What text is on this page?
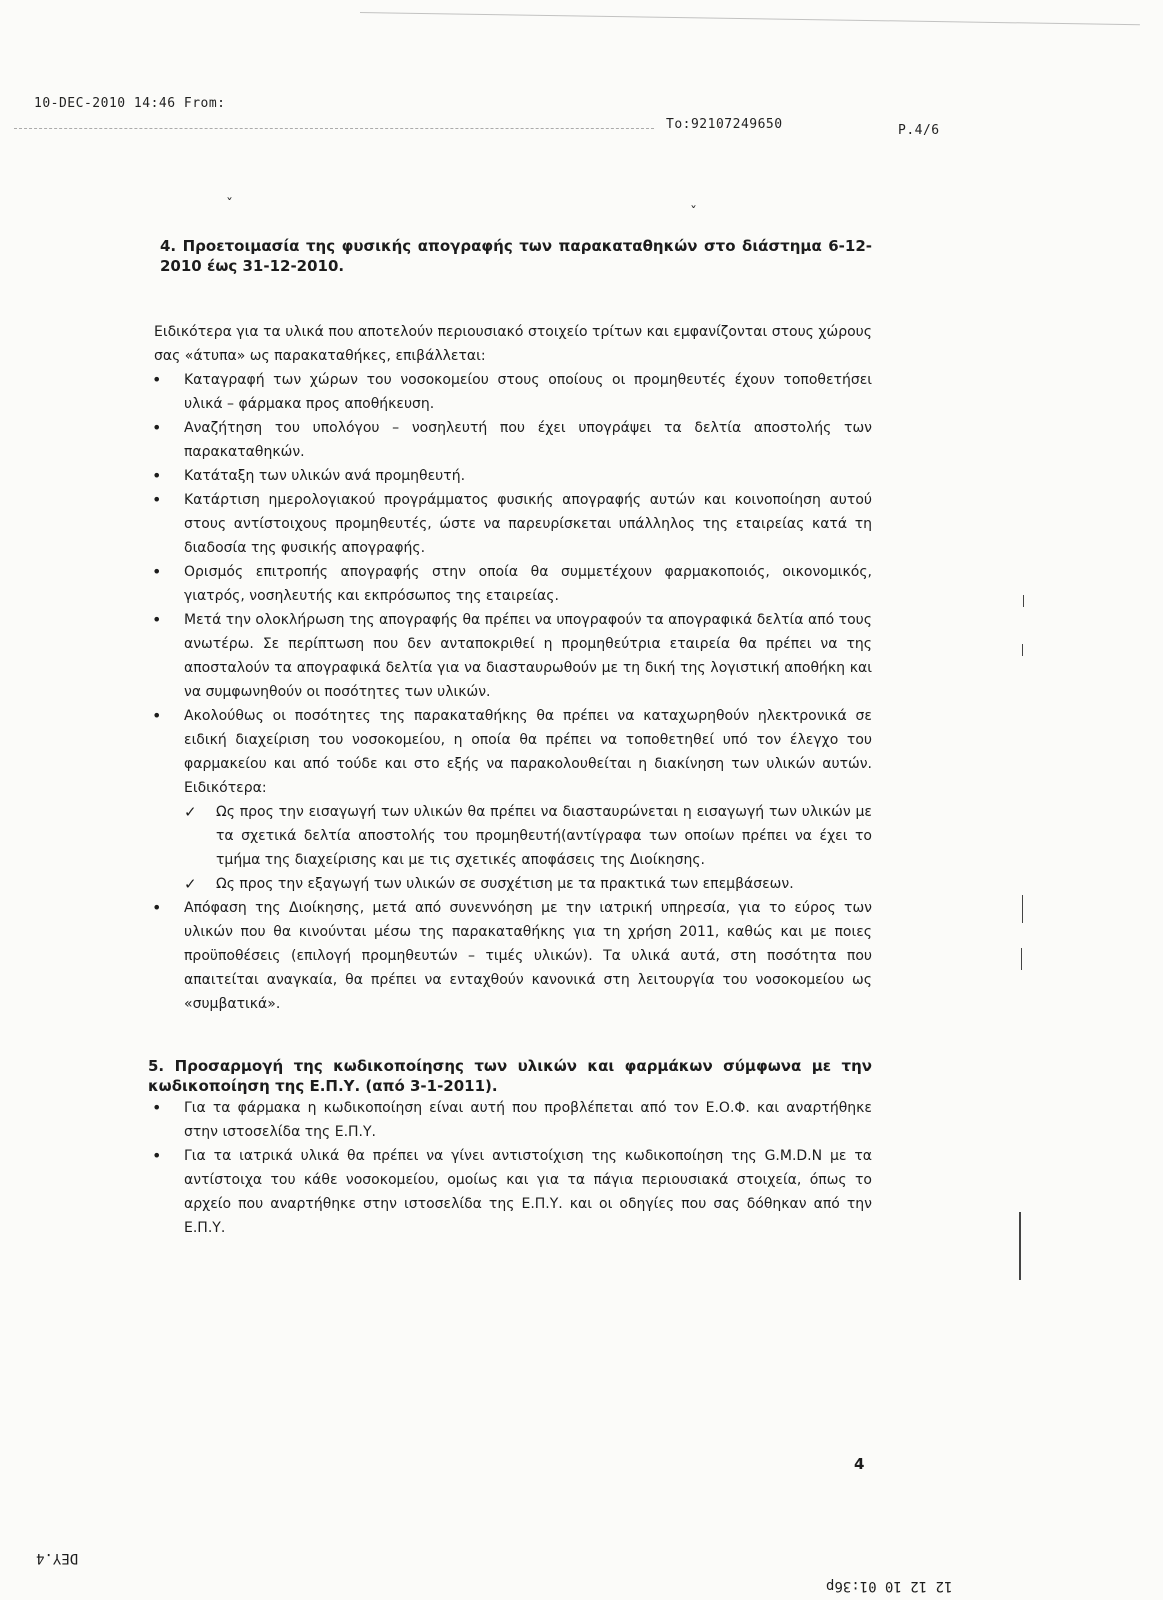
10-DEC-2010 14:46 From:
To:92107249650	P.4/6
ˇ	ˇ
4. Προετοιμασία της φυσικής απογραφής των παρακαταθηκών στο διάστημα 6-12-2010 έως 31-12-2010.

Ειδικότερα για τα υλικά που αποτελούν περιουσιακό στοιχείο τρίτων και εμφανίζονται στους χώρους σας «άτυπα» ως παρακαταθήκες, επιβάλλεται:

• Καταγραφή των χώρων του νοσοκομείου στους οποίους οι προμηθευτές έχουν τοποθετήσει υλικά – φάρμακα προς αποθήκευση.
• Αναζήτηση του υπολόγου – νοσηλευτή που έχει υπογράψει τα δελτία αποστολής των παρακαταθηκών.
• Κατάταξη των υλικών ανά προμηθευτή.
• Κατάρτιση ημερολογιακού προγράμματος φυσικής απογραφής αυτών και κοινοποίηση αυτού στους αντίστοιχους προμηθευτές, ώστε να παρευρίσκεται υπάλληλος της εταιρείας κατά τη διαδοσία της φυσικής απογραφής.
• Ορισμός επιτροπής απογραφής στην οποία θα συμμετέχουν φαρμακοποιός, οικονομικός, γιατρός, νοσηλευτής και εκπρόσωπος της εταιρείας.
• Μετά την ολοκλήρωση της απογραφής θα πρέπει να υπογραφούν τα απογραφικά δελτία από τους ανωτέρω. Σε περίπτωση που δεν ανταποκριθεί η προμηθεύτρια εταιρεία θα πρέπει να της αποσταλούν τα απογραφικά δελτία για να διασταυρωθούν με τη δική της λογιστική αποθήκη και να συμφωνηθούν οι ποσότητες των υλικών.
• Ακολούθως οι ποσότητες της παρακαταθήκης θα πρέπει να καταχωρηθούν ηλεκτρονικά σε ειδική διαχείριση του νοσοκομείου, η οποία θα πρέπει να τοποθετηθεί υπό τον έλεγχο του φαρμακείου και από τούδε και στο εξής να παρακολουθείται η διακίνηση των υλικών αυτών. Ειδικότερα:
✓ Ως προς την εισαγωγή των υλικών θα πρέπει να διασταυρώνεται η εισαγωγή των υλικών με τα σχετικά δελτία αποστολής του προμηθευτή(αντίγραφα των οποίων πρέπει να έχει το τμήμα της διαχείρισης και με τις σχετικές αποφάσεις της Διοίκησης.
✓ Ως προς την εξαγωγή των υλικών σε συσχέτιση με τα πρακτικά των επεμβάσεων.
• Απόφαση της Διοίκησης, μετά από συνεννόηση με την ιατρική υπηρεσία, για το εύρος των υλικών που θα κινούνται μέσω της παρακαταθήκης για τη χρήση 2011, καθώς και με ποιες προϋποθέσεις (επιλογή προμηθευτών – τιμές υλικών). Τα υλικά αυτά, στη ποσότητα που απαιτείται αναγκαία, θα πρέπει να ενταχθούν κανονικά στη λειτουργία του νοσοκομείου ως «συμβατικά».
5. Προσαρμογή της κωδικοποίησης των υλικών και φαρμάκων σύμφωνα με την κωδικοποίηση της Ε.Π.Υ. (από 3-1-2011).
• Για τα φάρμακα η κωδικοποίηση είναι αυτή που προβλέπεται από τον Ε.Ο.Φ. και αναρτήθηκε στην ιστοσελίδα της Ε.Π.Υ.
• Για τα ιατρικά υλικά θα πρέπει να γίνει αντιστοίχιση της κωδικοποίηση της G.M.D.N με τα αντίστοιχα του κάθε νοσοκομείου, ομοίως και για τα πάγια περιουσιακά στοιχεία, όπως το αρχείο που αναρτήθηκε στην ιστοσελίδα της Ε.Π.Υ. και οι οδηγίες που σας δόθηκαν από την Ε.Π.Υ.
4
DEY.4
12 12 10 01:36p
